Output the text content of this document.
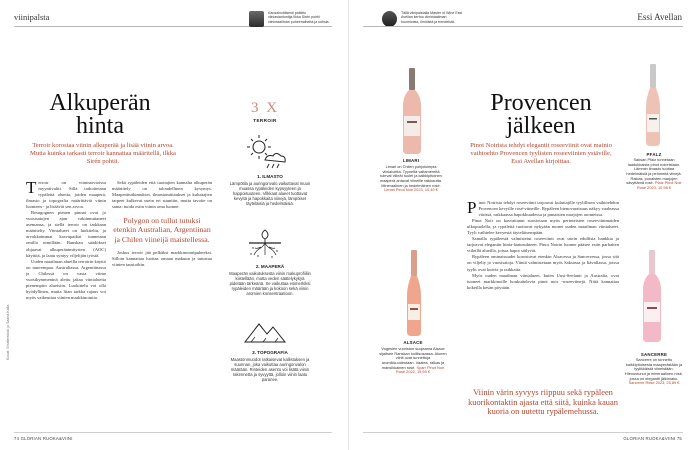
viinipalsta
Alkuperän hinta
Terroir korostaa viinin alkuperää ja lisää viinin arvoa. Mutta kuinka tarkasti terroir kannattaa määritellä, ilkka Sirén pohtii.
T erroir on viininarvioissa myyntivaltti. Sillä tarkoitetaan rypälettä alueita, joiden maaperä, ilmasto ja topografia määrittävät viinin luonteen - ja lisäävät sen arvoa.

Bourgognen pienen pinnat ovat jo vuosisatojen ajan vakiinnuttaneet asemansa, ja siellä terroir on tarkkaan määritelty. Viinialueet on luokiteltu, ja arvokkaimmat kasvupaikat tunnetaan omilla nimillään. Ranskan säädökset ohjaavat alkuperänimitysten (AOC) käyttöä, ja laatu syntyy viljelijän työstä.

Uuden maailman alueilla terroirin käyttö on nuorempaa. Australiassa, Argentiinassa ja Chilessä on vasta viime vuosikymmeninä alettu jakaa viinialueita pienempiin alueisiin. Luokittelu voi olla hyödyllinen, mutta liian tarkka rajaus voi myös vaikeuttaa viinien markkinointia.

Sekä rypäleiden että tuottajien kannalta alkuperän määrittely on taloudellinen kysymys. Maaperätutkimukset, ilmastomittaukset ja kuluttajien tarpeet kulkevat usein eri suuntiin, mutta tavoite on sama: tuoda esiin viinin oma luonne.

Polygon on tullut tutuksi etenkin Australian, Argentiinan ja Chilen viineijä maistellessa.

Joskus terroir jää pelkäksi markkinointipuheeksi. Silloin kannattaa luottaa omaan makuun ja tutustua viinien taustoihin.

3 X
TERROIR
1. ILMASTO
Lämpötila ja auringonvalo vaikuttavat muun muassa rypäleiden kypsyyteen ja happoisuuteen. Vilkkaat alueet tuottavat kevyitä ja hapokkaita viinejä, lämpöiset täyteläisiä ja hedelmäisiä.
2. MAAPERÄ
Maaperän vaikutuksesta viinin makuprofiiliin kiistellään, mutta veden säätelykykyä pidetään tärkeänä. Se vaikuttaa esimerkiksi rypäleiden määrään ja kokoon sekä viinin aromien konsentraatioon.
3. TOPOGRAFIA
Maastonmuodot ratkaisevat kallistuksen ja suunnan, joka vaikuttaa auringonvalon määrään. Rinteiden asento voi lisätä viinin rakennetta ja syvyyttä, jolloin viinin laatu paranee.
Kuvat: Shutterstock ja Saana Kaila
74 GLORIAN RUOKA&VIINI
Kansainvälisesti palkittu viiniasiantuntija Ilkka Sirén pohtii viinimaailman puheenaiheita ja uutisia.
Tällä viinipalstalla Master of Wine Essi Avellan kertoo viinimaailman huomioista, ilmiöistä ja trendeistä.	Essi Avellan
LIMARI
Limari on Chilen pohjoisimpia viinialueita. Tyyneltä valtamereltä tulevat viileät tuulet ja kalkkipitoinen maaperä antavat viineille raikkautta. Mineraalinen ja hedelmäinen rosé. Limari Pinot Noir 2023, 10,49 €
ALSACE
Vogesien vuoriston suojaama Alsace sijaitsee Ranskan koillisosassa. Alueen viinit ovat tunnettuja aromikkuudestaan. Vaalea, raikas ja mansikkainen rosé. Sparr Pinot Noir Rosé 2022, 15,59 €
PFALZ
Saksan Pfalz tunnetaan laadukkaista pinot noireistaan. Lämmin ilmasto tuottaa hedelmäisiä ja pehmeitä viinejä. Raikas, punaisten marjojen sävyttämä rosé. Pfalz Pinot Noir Rosé 2023, 10,98 €
SANCERRE
Sancerre on tunnettu kalkkipitoisesta maaperästään ja tyylikkäistä viineistään. Hienostunut ja mineraalinen rosé, jossa on elegantti jälkimaku. Sancerre Rosé 2023, 25,89 €
Provencen jälkeen
Pinot Noirista tehdyt elegantit roseeviinit ovat mainio vaihtoehto Provencen tyylisten roseeviinien ystäville, Essi Avellan kirjoittaa.
P inot Noirista tehdyt roseeviinit tarjoavat kuluttajille tyylillisen vaihtoehdon Provencen kevyille rosé-viineille. Rypäleen hienovaraisuus näkyy vaaleassa värissä, raikkaassa hapokkuudessa ja punaisten marjojen aromeissa.

Pinot Noir on kasvattanut suosiotaan myös perinteisten roseeviinimaiden ulkopuolella, ja rypälettä tuottavat nykyään monet uuden maailman viinialueet. Tyyli vaihtelee kevyestä täyteläisempään.

Samalla rypäleestä valmistetut roseeviinit ovat usein edullisia hankkia ja tarjoavat elegantin hinta-laatusuhteen. Pinot Noirin luonne pääsee esiin parhaiten viileillä alueilla, joissa hapot säilyvät.

Rypäleen ominaisuudet korostuvat etenkin Alsacessa ja Sancerressa, jossa sitä on viljelty jo vuosisatoja. Viiniä valmistetaan myös Saksassa ja Itävallassa, joissa tyylit ovat kuivia ja raikkaita.

Myös uuden maailman viinialueet, kuten Uusi-Seelanti ja Australia, ovat tuoneet markkinoille houkuttelevia pinot noir -roseeviinejä. Niitä kannattaa kokeilla kesän pöytään.

Viinin värin syvyys riippuu sekä rypäleen kuorikontaktin ajasta että siitä, kuinka kauan kuoria on uutettu rypälemehussa.
GLORIAN RUOKA&VIINI 75
